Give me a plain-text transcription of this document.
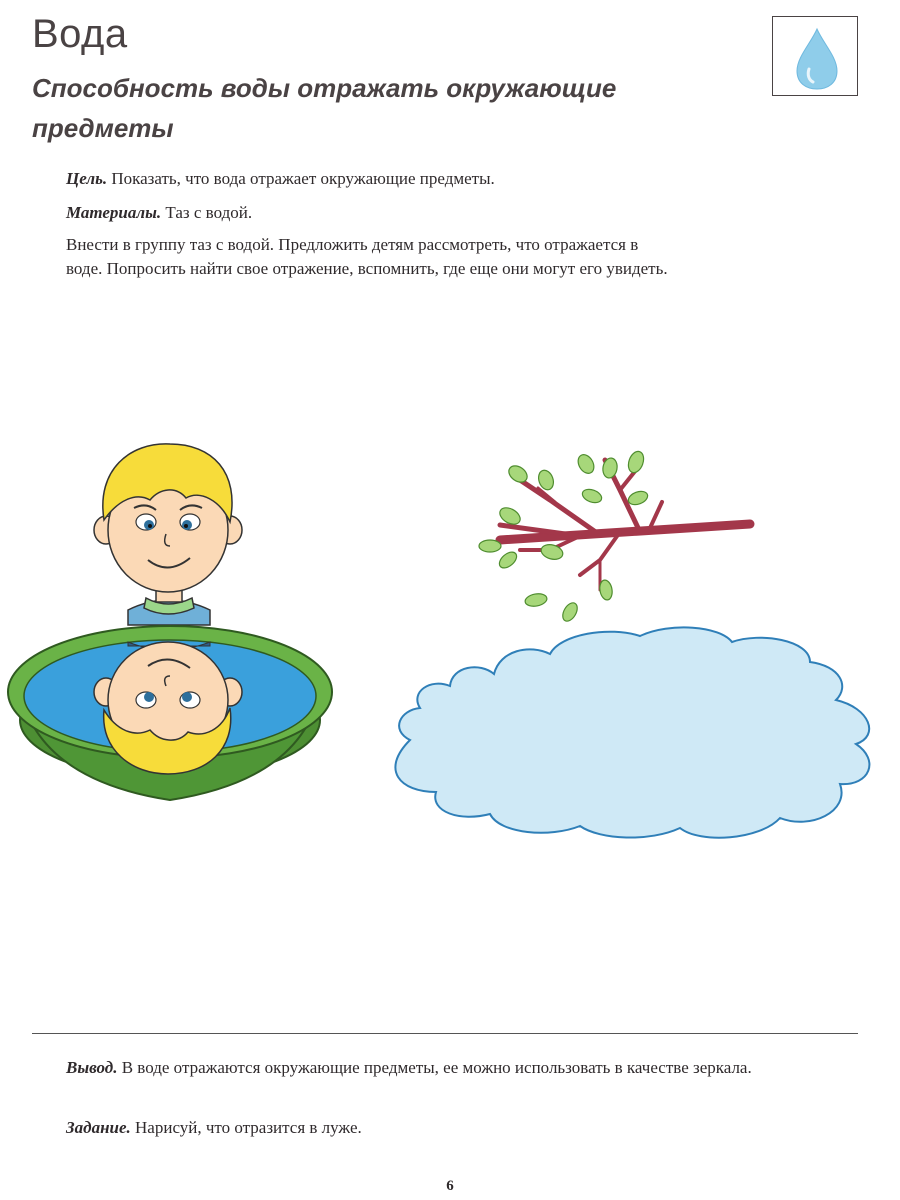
Вода
Способность воды отражать окружающие предметы
Цель. Показать, что вода отражает окружающие предметы.
Материалы. Таз с водой.
Внести в группу таз с водой. Предложить детям рассмотреть, что отражается в
воде. Попросить найти свое отражение, вспомнить, где еще они могут его увидеть.
Вывод. В воде отражаются окружающие предметы, ее можно использовать в качестве зеркала.
Задание. Нарисуй, что отразится в луже.
6
